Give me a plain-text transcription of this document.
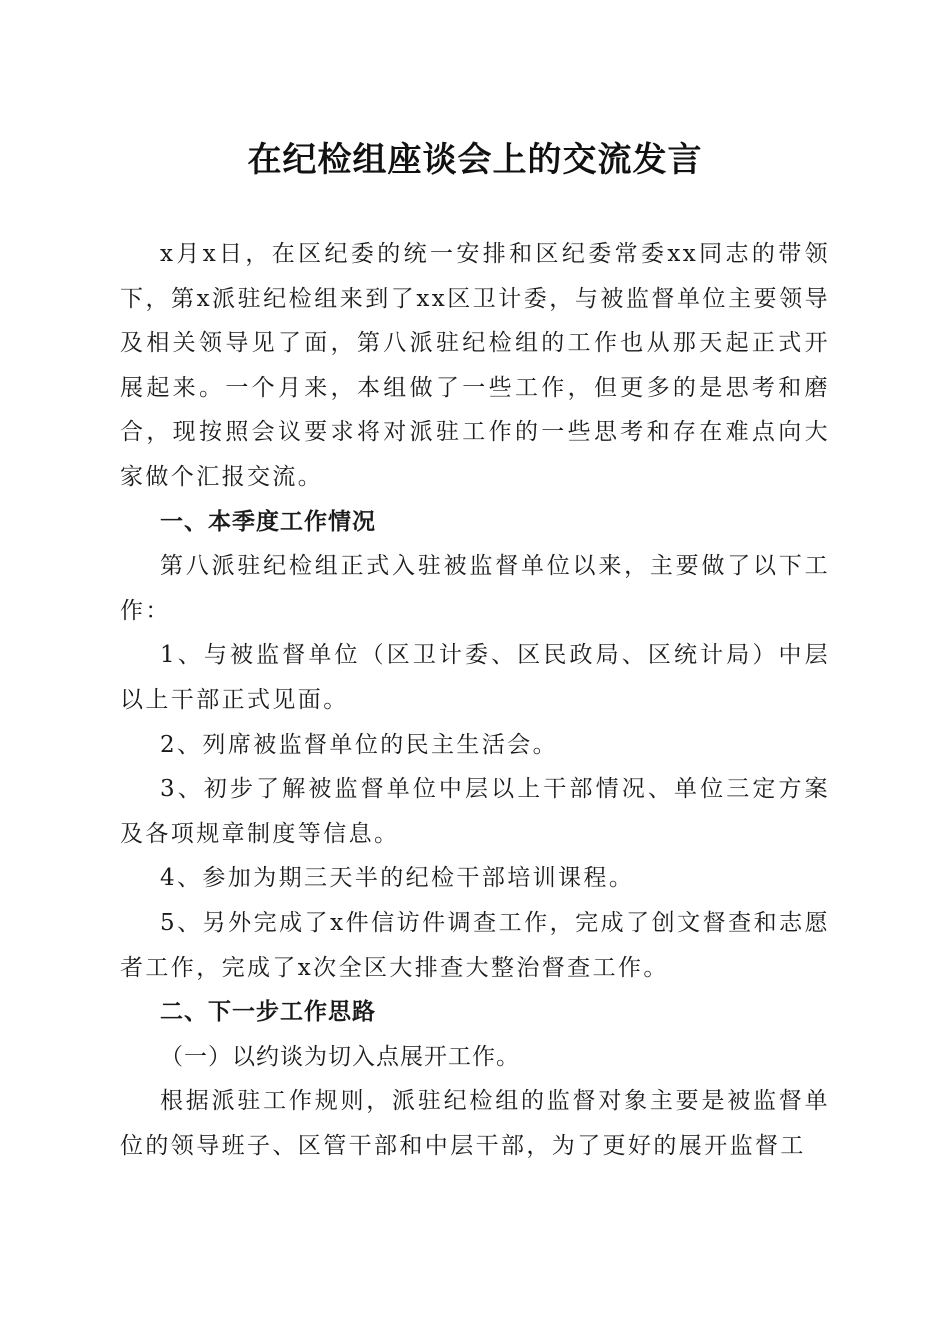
在纪检组座谈会上的交流发言

x月x日，在区纪委的统一安排和区纪委常委xx同志的带领下，第x派驻纪检组来到了xx区卫计委，与被监督单位主要领导及相关领导见了面，第八派驻纪检组的工作也从那天起正式开展起来。一个月来，本组做了一些工作，但更多的是思考和磨合，现按照会议要求将对派驻工作的一些思考和存在难点向大家做个汇报交流。

一、本季度工作情况

第八派驻纪检组正式入驻被监督单位以来，主要做了以下工作：

1、与被监督单位（区卫计委、区民政局、区统计局）中层以上干部正式见面。

2、列席被监督单位的民主生活会。

3、初步了解被监督单位中层以上干部情况、单位三定方案及各项规章制度等信息。

4、参加为期三天半的纪检干部培训课程。

5、另外完成了x件信访件调查工作，完成了创文督查和志愿者工作，完成了x次全区大排查大整治督查工作。

二、下一步工作思路

（一）以约谈为切入点展开工作。

根据派驻工作规则，派驻纪检组的监督对象主要是被监督单位的领导班子、区管干部和中层干部，为了更好的展开监督工
